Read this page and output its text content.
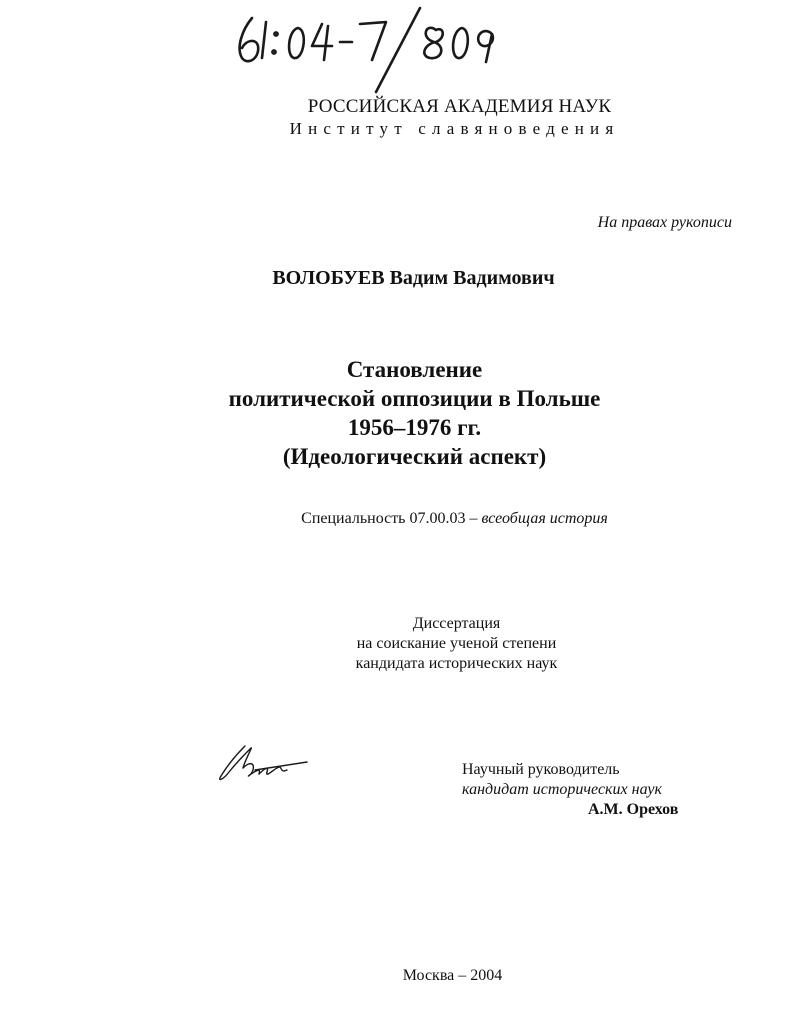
РОССИЙСКАЯ АКАДЕМИЯ НАУК
Институт славяноведения
На правах рукописи
ВОЛОБУЕВ Вадим Вадимович
Становление
политической оппозиции в Польше
1956–1976 гг.
(Идеологический аспект)
Специальность 07.00.03 – всеобщая история
Диссертация
на соискание ученой степени
кандидата исторических наук
Научный руководитель
кандидат исторических наук
А.М. Орехов
Москва – 2004
